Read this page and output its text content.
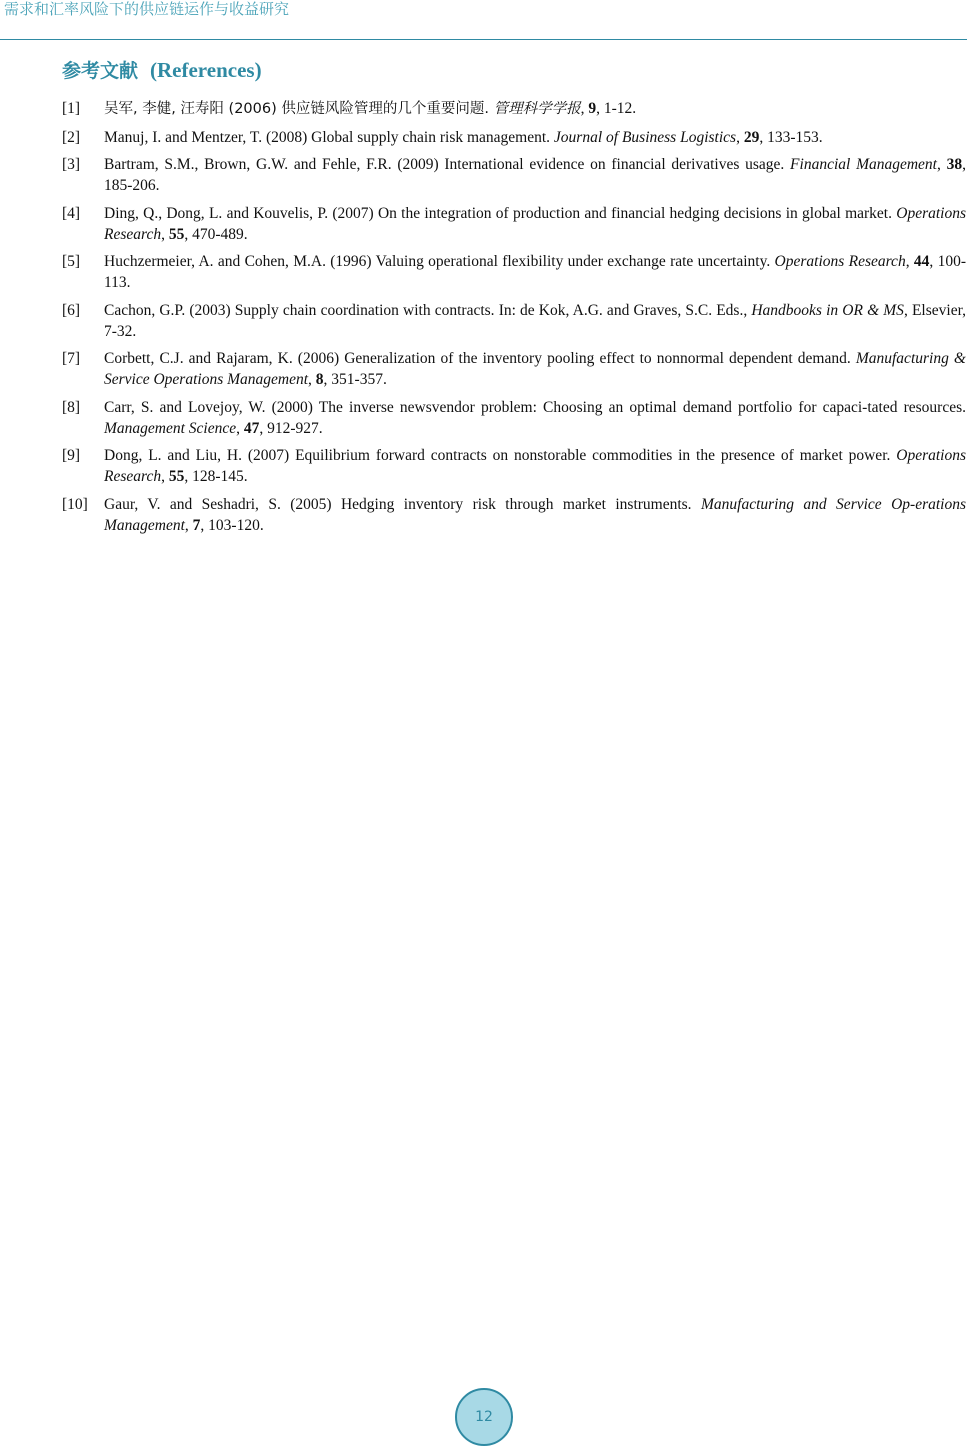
需求和汇率风险下的供应链运作与收益研究
参考文献 (References)
[1] 吴军, 李健, 汪寿阳 (2006) 供应链风险管理的几个重要问题. 管理科学学报, 9, 1-12.
[2] Manuj, I. and Mentzer, T. (2008) Global supply chain risk management. Journal of Business Logistics, 29, 133-153.
[3] Bartram, S.M., Brown, G.W. and Fehle, F.R. (2009) International evidence on financial derivatives usage. Financial Management, 38, 185-206.
[4] Ding, Q., Dong, L. and Kouvelis, P. (2007) On the integration of production and financial hedging decisions in global market. Operations Research, 55, 470-489.
[5] Huchzermeier, A. and Cohen, M.A. (1996) Valuing operational flexibility under exchange rate uncertainty. Operations Research, 44, 100-113.
[6] Cachon, G.P. (2003) Supply chain coordination with contracts. In: de Kok, A.G. and Graves, S.C. Eds., Handbooks in OR & MS, Elsevier, 7-32.
[7] Corbett, C.J. and Rajaram, K. (2006) Generalization of the inventory pooling effect to nonnormal dependent demand. Manufacturing & Service Operations Management, 8, 351-357.
[8] Carr, S. and Lovejoy, W. (2000) The inverse newsvendor problem: Choosing an optimal demand portfolio for capaci-tated resources. Management Science, 47, 912-927.
[9] Dong, L. and Liu, H. (2007) Equilibrium forward contracts on nonstorable commodities in the presence of market power. Operations Research, 55, 128-145.
[10] Gaur, V. and Seshadri, S. (2005) Hedging inventory risk through market instruments. Manufacturing and Service Op-erations Management, 7, 103-120.
12
